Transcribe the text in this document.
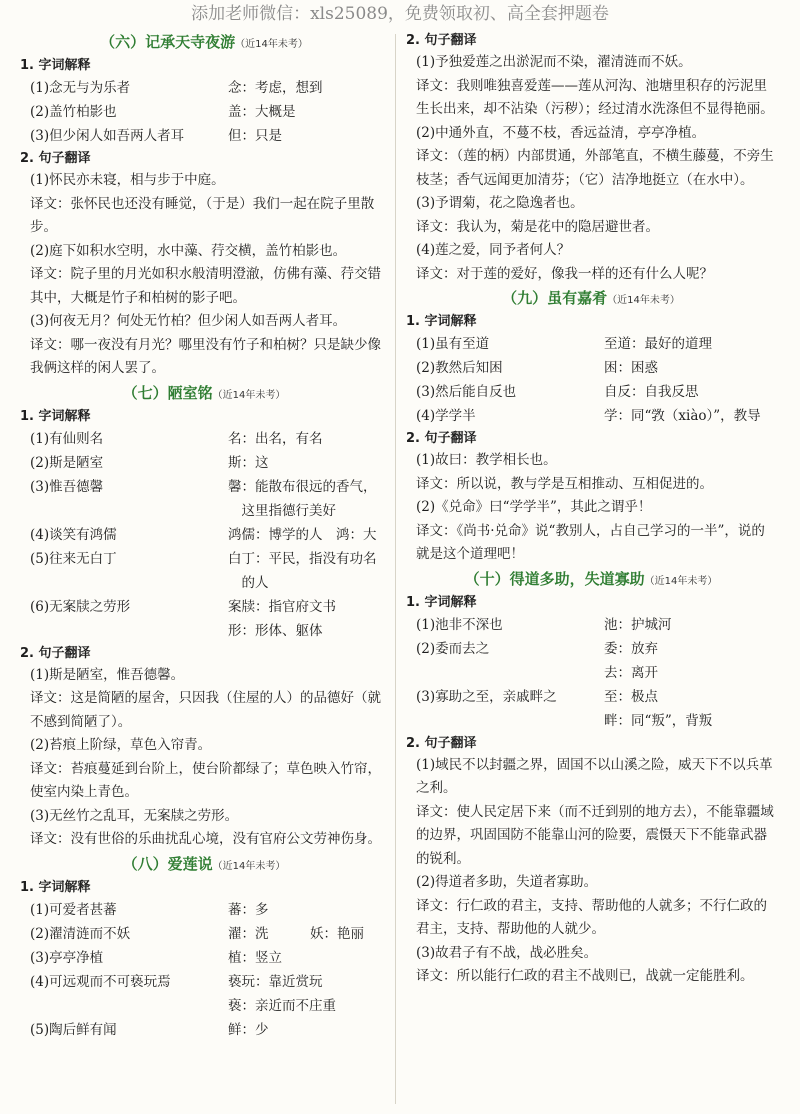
添加老师微信：xls25089，免费领取初、高全套押题卷
（六）记承天寺夜游（近14年未考）
1. 字词解释
(1)念无与为乐者	念：考虑，想到
(2)盖竹柏影也	盖：大概是
(3)但少闲人如吾两人者耳	但：只是
2. 句子翻译
(1)怀民亦未寝，相与步于中庭。
译文：张怀民也还没有睡觉，（于是）我们一起在院子里散步。
(2)庭下如积水空明，水中藻、荇交横，盖竹柏影也。
译文：院子里的月光如积水般清明澄澈，仿佛有藻、荇交错其中，大概是竹子和柏树的影子吧。
(3)何夜无月？何处无竹柏？但少闲人如吾两人者耳。
译文：哪一夜没有月光？哪里没有竹子和柏树？只是缺少像我俩这样的闲人罢了。
（七）陋室铭（近14年未考）
1. 字词解释
(1)有仙则名	名：出名，有名
(2)斯是陋室	斯：这
(3)惟吾德馨	馨：能散布很远的香气，
　这里指德行美好
(4)谈笑有鸿儒	鸿儒：博学的人　鸿：大
(5)往来无白丁	白丁：平民，指没有功名
　的人
(6)无案牍之劳形	案牍：指官府文书
形：形体、躯体
2. 句子翻译
(1)斯是陋室，惟吾德馨。
译文：这是简陋的屋舍，只因我（住屋的人）的品德好（就不感到简陋了）。
(2)苔痕上阶绿，草色入帘青。
译文：苔痕蔓延到台阶上，使台阶都绿了；草色映入竹帘，使室内染上青色。
(3)无丝竹之乱耳，无案牍之劳形。
译文：没有世俗的乐曲扰乱心境，没有官府公文劳神伤身。
（八）爱莲说（近14年未考）
1. 字词解释
(1)可爱者甚蕃	蕃：多
(2)濯清涟而不妖	濯：洗	妖：艳丽
(3)亭亭净植	植：竖立
(4)可远观而不可亵玩焉	亵玩：靠近赏玩
亵：亲近而不庄重
(5)陶后鲜有闻	鲜：少
2. 句子翻译
(1)予独爱莲之出淤泥而不染，濯清涟而不妖。
译文：我则唯独喜爱莲——莲从河沟、池塘里积存的污泥里生长出来，却不沾染（污秽）；经过清水洗涤但不显得艳丽。
(2)中通外直，不蔓不枝，香远益清，亭亭净植。
译文：（莲的柄）内部贯通，外部笔直，不横生藤蔓，不旁生枝茎；香气远闻更加清芬；（它）洁净地挺立（在水中）。
(3)予谓菊，花之隐逸者也。
译文：我认为，菊是花中的隐居避世者。
(4)莲之爱，同予者何人？
译文：对于莲的爱好，像我一样的还有什么人呢？
（九）虽有嘉肴（近14年未考）
1. 字词解释
(1)虽有至道	至道：最好的道理
(2)教然后知困	困：困惑
(3)然后能自反也	自反：自我反思
(4)学学半	学：同“敩（xiào）”，教导
2. 句子翻译
(1)故曰：教学相长也。
译文：所以说，教与学是互相推动、互相促进的。
(2)《兑命》曰“学学半”，其此之谓乎！
译文：《尚书·兑命》说“教别人，占自己学习的一半”，说的就是这个道理吧！
（十）得道多助，失道寡助（近14年未考）
1. 字词解释
(1)池非不深也	池：护城河
(2)委而去之	委：放弃
去：离开
(3)寡助之至，亲戚畔之	至：极点
畔：同“叛”，背叛
2. 句子翻译
(1)域民不以封疆之界，固国不以山溪之险，威天下不以兵革之利。
译文：使人民定居下来（而不迁到别的地方去），不能靠疆域的边界，巩固国防不能靠山河的险要，震慑天下不能靠武器的锐利。
(2)得道者多助，失道者寡助。
译文：行仁政的君主，支持、帮助他的人就多；不行仁政的君主，支持、帮助他的人就少。
(3)故君子有不战，战必胜矣。
译文：所以能行仁政的君主不战则已，战就一定能胜利。
